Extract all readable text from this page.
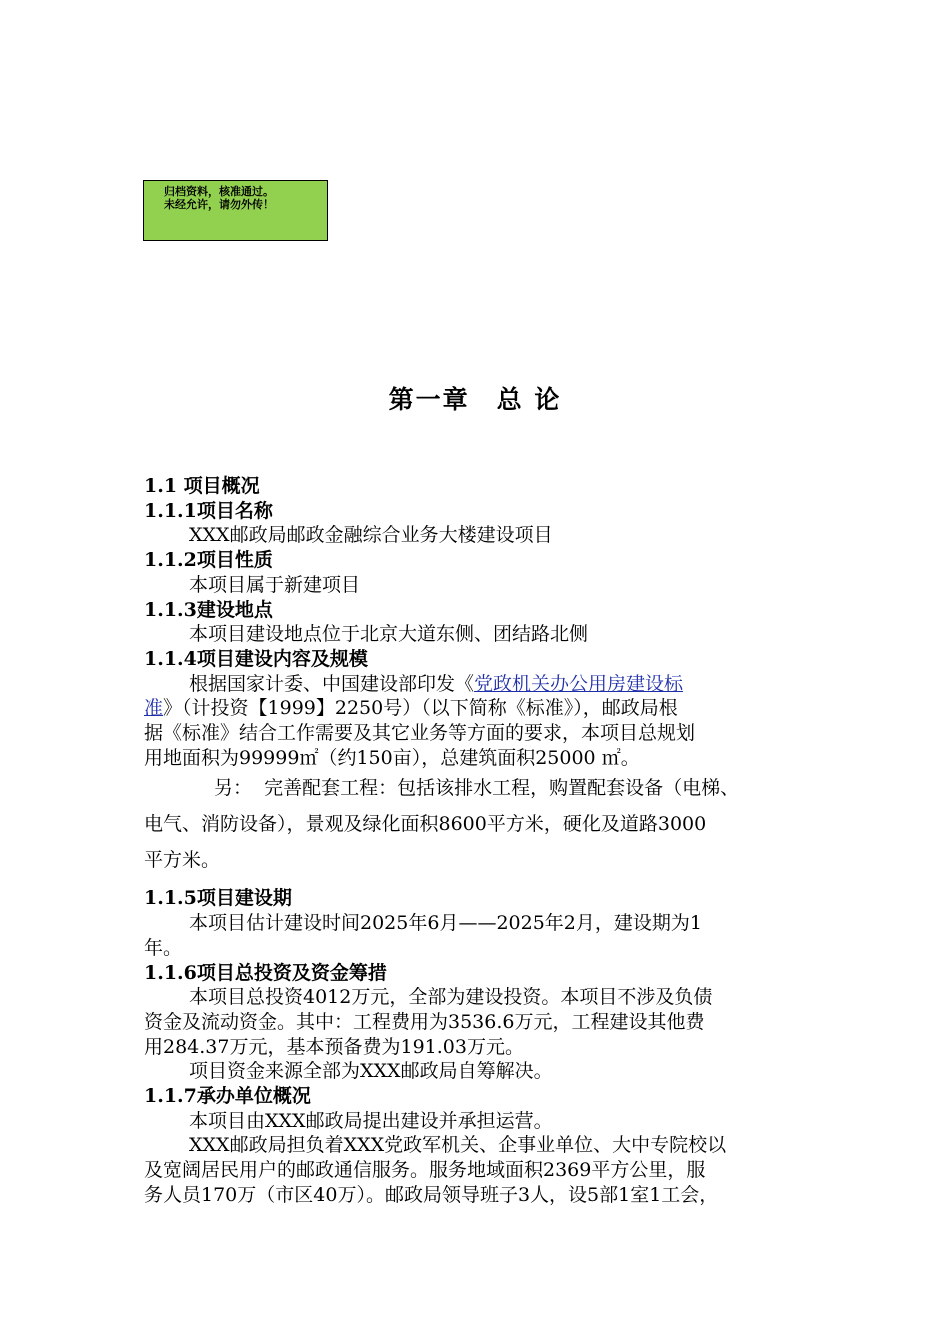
归档资料，核准通过。
未经允许，请勿外传！
第一章　总 论
1.1 项目概况
1.1.1项目名称
XXX邮政局邮政金融综合业务大楼建设项目
1.1.2项目性质
本项目属于新建项目
1.1.3建设地点
本项目建设地点位于北京大道东侧、团结路北侧
1.1.4项目建设内容及规模
根据国家计委、中国建设部印发《党政机关办公用房建设标
准》（计投资【1999】2250号）（以下简称《标准》），邮政局根
据《标准》结合工作需要及其它业务等方面的要求，本项目总规划
用地面积为99999㎡（约150亩），总建筑面积25000 ㎡。
另：  完善配套工程：包括该排水工程，购置配套设备（电梯、
电气、消防设备），景观及绿化面积8600平方米，硬化及道路3000
平方米。
1.1.5项目建设期
本项目估计建设时间2025年6月——2025年2月，建设期为1
年。
1.1.6项目总投资及资金筹措
本项目总投资4012万元，全部为建设投资。本项目不涉及负债
资金及流动资金。其中：工程费用为3536.6万元，工程建设其他费
用284.37万元，基本预备费为191.03万元。
项目资金来源全部为XXX邮政局自筹解决。
1.1.7承办单位概况
本项目由XXX邮政局提出建设并承担运营。
XXX邮政局担负着XXX党政军机关、企事业单位、大中专院校以
及宽阔居民用户的邮政通信服务。服务地域面积2369平方公里，服
务人员170万（市区40万）。邮政局领导班子3人，设5部1室1工会，
